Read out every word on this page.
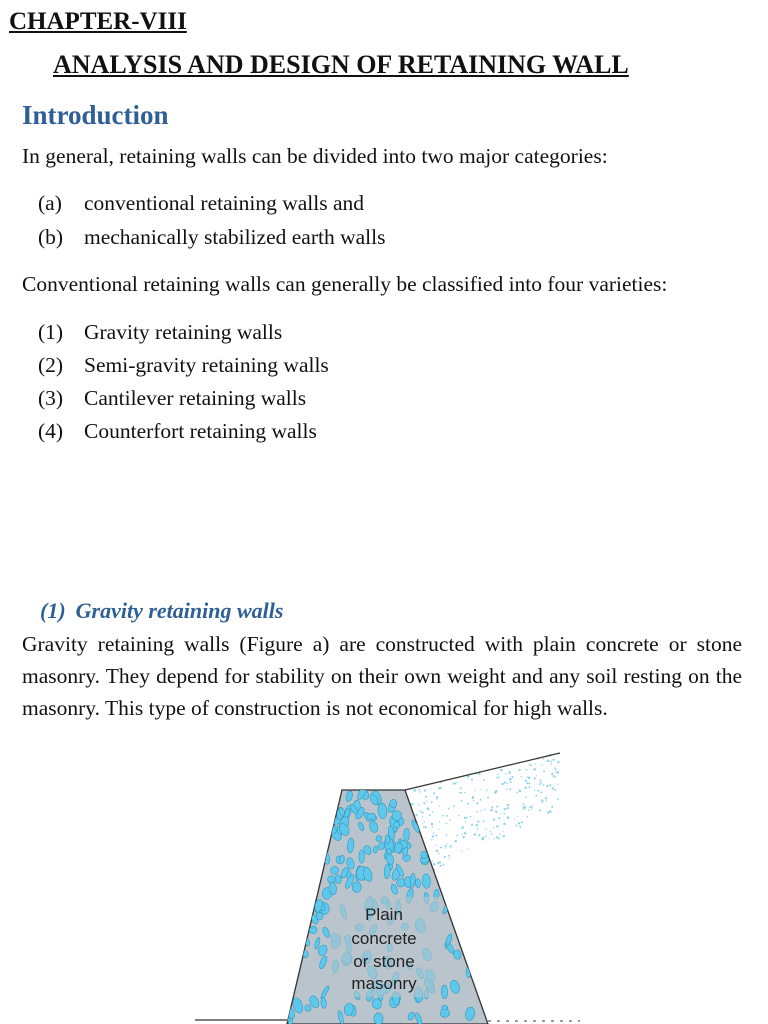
CHAPTER-VIII
ANALYSIS AND DESIGN OF RETAINING WALL
Introduction
In general, retaining walls can be divided into two major categories:
(a) conventional retaining walls and
(b) mechanically stabilized earth walls
Conventional retaining walls can generally be classified into four varieties:
(1) Gravity retaining walls
(2) Semi-gravity retaining walls
(3) Cantilever retaining walls
(4) Counterfort retaining walls
(1) Gravity retaining walls
Gravity retaining walls (Figure a) are constructed with plain concrete or stone masonry. They depend for stability on their own weight and any soil resting on the masonry. This type of construction is not economical for high walls.
Plain
concrete
or stone
masonry
